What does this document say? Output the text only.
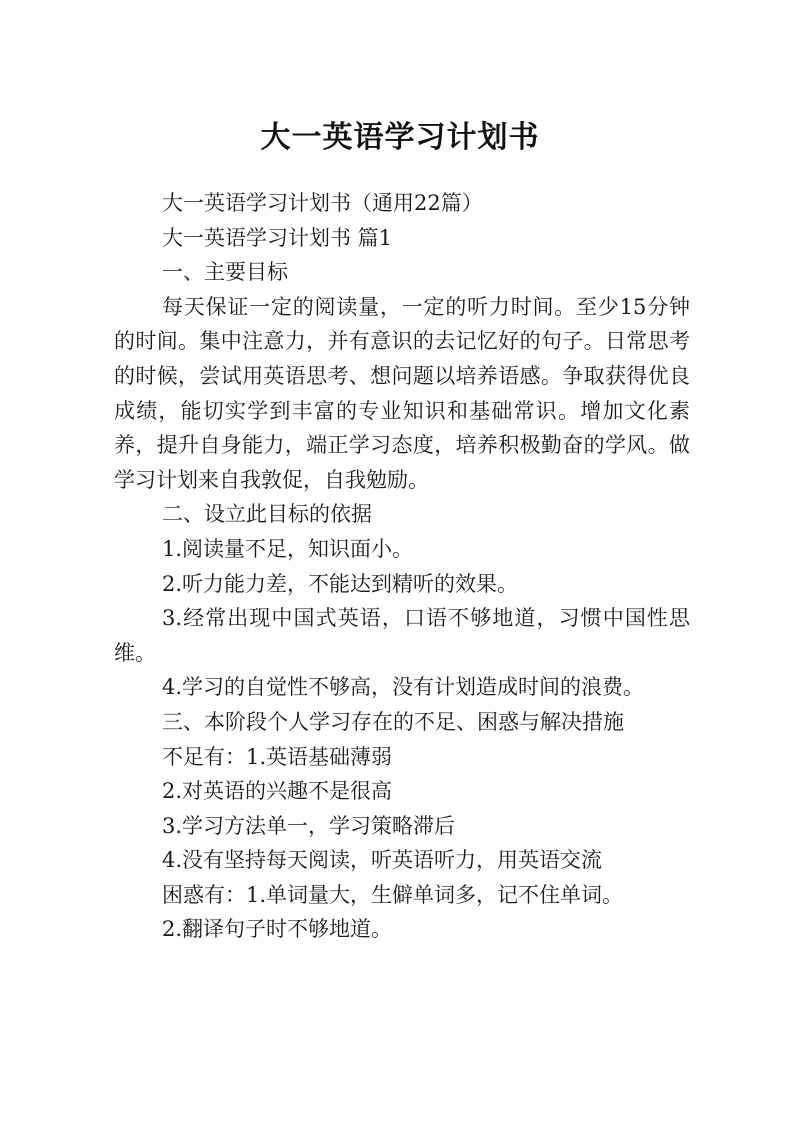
大一英语学习计划书

大一英语学习计划书（通用22篇）

大一英语学习计划书 篇1

一、主要目标

每天保证一定的阅读量，一定的听力时间。至少15分钟的时间。集中注意力，并有意识的去记忆好的句子。日常思考的时候，尝试用英语思考、想问题以培养语感。争取获得优良成绩，能切实学到丰富的专业知识和基础常识。增加文化素养，提升自身能力，端正学习态度，培养积极勤奋的学风。做学习计划来自我敦促，自我勉励。

二、设立此目标的依据

1.阅读量不足，知识面小。

2.听力能力差，不能达到精听的效果。

3.经常出现中国式英语，口语不够地道，习惯中国性思维。

4.学习的自觉性不够高，没有计划造成时间的浪费。

三、本阶段个人学习存在的不足、困惑与解决措施

不足有：1.英语基础薄弱

2.对英语的兴趣不是很高

3.学习方法单一，学习策略滞后

4.没有坚持每天阅读，听英语听力，用英语交流

困惑有：1.单词量大，生僻单词多，记不住单词。

2.翻译句子时不够地道。
